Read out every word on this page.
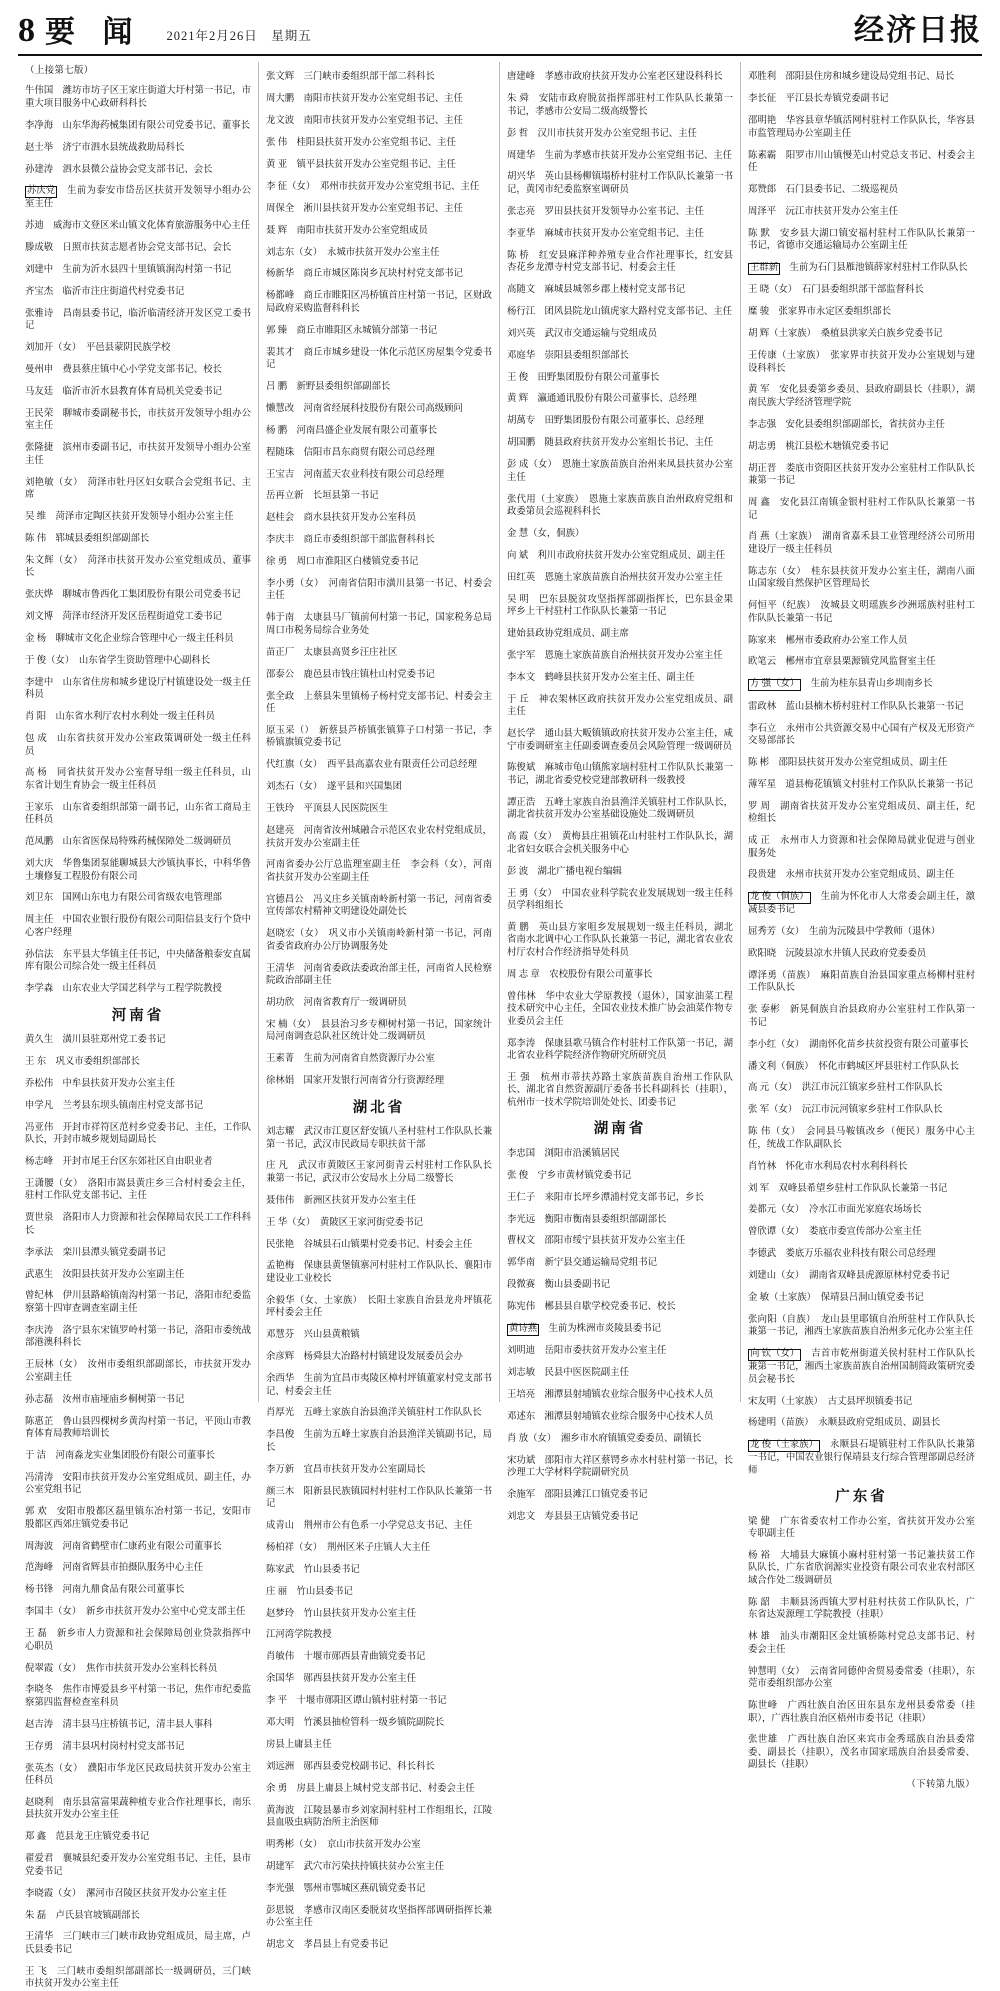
8 要 闻 2021年2月26日　星期五	经济日报
（上接第七版）

牛伟国　潍坊市坊子区王家庄街道大圩村第一书记，市重大项目服务中心政研科科长

李净海　山东华海药械集团有限公司党委书记、董事长

赵士举　济宁市泗水县统战救助局科长

孙建涛　泗水县微公益协会党支部书记、会长

苏庆党　生前为泰安市岱岳区扶贫开发领导小组办公室主任

苏迪　威海市文登区米山镇文化体育旅游服务中心主任

滕成敬　日照市扶贫志愿者协会党支部书记、会长

刘建中　生前为沂水县四十里镇镇涧沟村第一书记

齐宝杰　临沂市注庄街道代村党委书记

张雅诗　昌南县委书记，临沂临清经济开发区党工委书记

刘加开（女）　平邑县蒙阴民族学校

曼州申　费县蔡庄镇中心小学党支部书记、校长

马友廷　临沂市沂水县教育体育局机关党委书记

王民荣　聊城市委副秘书长，市扶贫开发领导小组办公室主任

张隆捷　滨州市委副书记，市扶贫开发领导小组办公室主任

刘艳敏（女）　菏泽市牡丹区妇女联合会党组书记、主席

吴 维　菏泽市定陶区扶贫开发领导小组办公室主任

陈 伟　郓城县委组织部副部长

朱文辉（女）　菏泽市扶贫开发办公室党组成员、董事长

张庆烨　聊城市鲁西化工集团股份有限公司党委书记

刘文博　菏泽市经济开发区岳程街道党工委书记

金 杨　聊城市文化企业综合管理中心一级主任科员

于 俊（女）　山东省学生资助管理中心副科长

李建中　山东省住房和城乡建设厅村镇建设处一级主任科员

肖 阳　山东省水利厅农村水利处一级主任科员

包 成　山东省扶贫开发办公室政策调研处一级主任科员

高 杨　同省扶贫开发办公室督导组一级主任科员，山东省计划生育协会一级主任科员

王家乐　山东省委组织部第一副书记，山东省工商局主任科员

范凤鹏　山东省医保局特殊药械保障处二级调研员

刘大庆　华鲁集团泵能聊城县大沙镇执事长，中科华鲁土壤修复工程股份有限公司

刘卫东　国网山东电力有限公司省级农电管理部

周主任　中国农业银行股份有限公司阳信县支行个贷中心客户经理

孙信法　东平县大华镇主任书记，中央储备粮泰安直属库有限公司综合处一级主任科员

李学森　山东农业大学国艺科学与工程学院教授

河南省

黄久生　潢川县驻郑州党工委书记

王 东　巩义市委组织部部长

乔松伟　中牟县扶贫开发办公室主任

申学凡　兰考县东坝头镇南庄村党支部书记

冯亚伟　开封市祥符区范村乡党委书记、主任，工作队队长，开封市城乡规划局副局长

杨志峰　开封市尾王台区东郊社区自由职业者

王潇腰（女）　洛阳市嵩县黄庄乡三合村村委会主任，驻村工作队党支部书记、主任

贾世泉　洛阳市人力资源和社会保障局农民工工作科科长

李承法　栾川县潭头镇党委副书记

武惠生　汝阳县扶贫开发办公室副主任

曾纪林　伊川县路峪镇南沟村第一书记，洛阳市纪委监察第十四审查调查室副主任

李庆涛　洛宁县东宋镇罗岭村第一书记，洛阳市委统战部港澳科科长

王辰林（女）　汝州市委组织部副部长，市扶贫开发办公室副主任

孙志磊　汝州市庙垭庙乡桐树第一书记

陈惠芷　鲁山县四棵树乡黄沟村第一书记，平顶山市教育体育局教师培训长

于 洁　河南淼龙实业集团股份有限公司董事长

冯清涛　安阳市扶贫开发办公室党组成员、副主任，办公室党组书记

郭 欢　安阳市殷都区磊里镇东冶村第一书记，安阳市殷都区西郊庄镇党委书记

周海波　河南省鹤壁市仁康药业有限公司董事长

范海峰　河南省辉县市拍摄队服务中心主任

杨书锋　河南九鼎食品有限公司董事长

李国丰（女）　新乡市扶贫开发办公室中心党支部主任

王 磊　新乡市人力资源和社会保障局创业贷款指挥中心职员

倪翠霞（女）　焦作市扶贫开发办公室科长科员

李晓冬　焦作市博爱县乡平村第一书记，焦作市纪委监察第四监督检查室科员

赵吉涛　清丰县马庄桥镇书记，清丰县人事科

王存勇　清丰县巩村岗村村党支部书记

张英杰（女）　濮阳市华龙区民政局扶贫开发办公室主任科员

赵晓利　南乐县富富果蔬种植专业合作社理事长，南乐县扶贫开发办公室主任

郑 鑫　范县龙王庄镇党委书记

翟爱君　襄城县纪委开发办公室党组书记、主任，县市党委书记

李晓霞（女）　漯河市召陵区扶贫开发办公室主任

朱 磊　卢氏县官坡镇副部长

王清华　三门峡市三门峡市政协党组成员，局主席，卢氏县委书记

王 飞　三门峡市委组织部副部长一级调研员，三门峡市扶贫开发办公室主任

张文辉　三门峡市委组织部干部二科科长

周大鹏　南阳市扶贫开发办公室党组书记、主任

龙文波　南阳市扶贫开发办公室党组书记、主任

张 伟　桂阳县扶贫开发办公室党组书记、主任

黄 亚　镇平县扶贫开发办公室党组书记、主任

李 征（女）　邓州市扶贫开发办公室党组书记、主任

周保全　淅川县扶贫开发办公室党组书记、主任

聂 辉　南阳市扶贫开发办公室党组成员

刘志东（女）　永城市扶贫开发办公室主任

杨新华　商丘市城区陈岗乡瓦块村村党支部书记

杨都峰　商丘市睢阳区冯桥镇首庄村第一书记，区财政局政府采购监督科科长

郭 臻　商丘市睢阳区永城镇分部第一书记

裴其才　商丘市城乡建设一体化示范区房屋集令党委书记

吕 鹏　新野县委组织部副部长

懒慧改　河南省经展科技股份有限公司高级顾问

杨 鹏　河南昌盛企业发展有限公司董事长

程随珠　信阳市昌东商贸有限公司总经理

王宝吉　河南蓝天农业科技有限公司总经理

岳再立新　长垣县第一书记

赵桂会　商水县扶贫开发办公室科员

李庆丰　商丘市委组织部干部监督科科长

徐 勇　周口市淮阳区白楼镇党委书记

李小勇（女）　河南省信阳市潢川县第一书记、村委会主任

韩于南　太康县马厂镇前何村第一书记，国家税务总局周口市税务局综合业务处

苗正厂　太康县高贤乡汪庄社区

邵泰公　鹿邑县市钱庄镇杜山村党委书记

张全政　上蔡县朱里镇杨子杨村党支部书记、村委会主任

原玉采（）　新蔡县芦桥镇张镇算子口村第一书记，李桥镇旗镇党委书记

代红旗（女）　西平县高嘉农业有限责任公司总经理

刘杰石（女）　遂平县和兴国集团

王铁玲　平顶县人民医院医生

赵建亮　河南省汝州城融合示范区农业农村党组成员，扶贫开发办公室副主任

河南省委办公厅总监理室副主任　李会科（女），河南省扶贫开发办公室副主任

宫德昌公　冯义庄乡关镇南岭新村第一书记，河南省委宣传部农村精神文明建设处副处长

赵晓宏（女）　巩义市小关镇南岭新村第一书记，河南省委省政府办公厅协调服务处

王清华　河南省委政法委政治部主任，河南省人民检察院政治部副主任

胡功欣　河南省教育厅一级调研员

宋 楠（女）　县县治习乡专柳树村第一书记，国家统计局河南调查总队社区统计处二级调研员

王素菁　生前为河南省自然资源厅办公室

徐林娟　国家开发银行河南省分行资源经理

湖北省

刘志耀　武汉市江夏区舒安镇八圣村驻村工作队队长兼第一书记，武汉市民政局专职扶贫干部

庄 凡　武汉市黄陂区王家河街青云村驻村工作队队长兼第一书记，武汉市公安局水上分局二级警长

聂伟伟　新洲区扶贫开发办公室主任

王 华（女）　黄陂区王家河街党委书记

民张艳　谷城县石山镇栗村党委书记、村委会主任

孟艳梅　保康县黄堡镇寨河村驻村工作队队长、襄阳市建设业工业校长

余毅华（女、土家族）　长阳土家族自治县龙舟坪镇花坪村委会主任

邓慧芬　兴山县黄粮镇

余彦辉　杨舜县大冶路村村镇建设发展委员会办

余西华　生前为宜昌市夷陵区樟村坪镇董家村党支部书记、村委会主任

肖厚光　五峰土家族自治县渔洋关镇驻村工作队队长

李昌俊　生前为五峰土家族自治县渔洋关镇副书记，局长

李万新　宜昌市扶贫开发办公室副局长

颜三木　阳新县民族镇园村村驻村工作队队长兼第一书记

成青山　荆州市公有色系一小学党总支书记、主任

杨柏祥（女）　荆州区米子庄镇人大主任

陈家武　竹山县委书记

庄 丽　竹山县委书记

赵梦玲　竹山县扶贫开发办公室主任

江河湾学院教授

肖敏伟　十堰市郧西县青曲镇党委书记

余国华　郧西县扶贫开发办公室主任

李 平　十堰市郧阳区谭山镇村驻村第一书记

邓大明　竹溪县抽检管科一级乡镇院副院长

房县上庸县主任

刘远洲　郧西县委党校副书记、科长科长

余 勇　房县上庸县上城村党支部书记、村委会主任

黄海波　江陵县暴市乡刘家洞村驻村工作组组长，江陵县血吸虫病防治所主治医师

明秀彬（女）　京山市扶贫开发办公室

胡建军　武穴市污染扶持镇扶贫办公室主任

李光强　鄂州市鄂城区燕矶镇党委书记

彭思锐　孝感市汉南区委脱贫攻坚指挥部调研指挥长兼办公室主任

胡忠文　孝昌县上有党委书记

唐建峰　孝感市政府扶贫开发办公室老区建设科科长

朱 舜　安陆市政府脱贫指挥部驻村工作队队长兼第一书记，孝感市公安局二级高级警长

彭 哲　汉川市扶贫开发办公室党组书记、主任

周建华　生前为孝感市扶贫开发办公室党组书记、主任

胡兴华　英山县杨柳镇塌桥村驻村工作队队长兼第一书记，黄冈市纪委监察室调研员

张志亮　罗田县扶贫开发领导办公室书记、主任

李亚华　麻城市扶贫开发办公室党组书记、主任

陈 桥　红安县麻洋种养殖专业合作社理事长，红安县杏花乡龙潭寺村党支部书记、村委会主任

高随文　麻城县城邻乡郡上楼村党支部书记

杨行江　团风县院龙山镇虎家大路村党支部书记、主任

刘兴英　武汉市交通运输与党组成员

邓庭华　崇阳县委组织部部长

王 俊　田野集团股份有限公司董事长

黄 辉　瀛通通讯股份有限公司董事长、总经理

胡萬专　田野集团股份有限公司董事长、总经理

胡国鹏　随县政府扶贫开发办公室组长书记、主任

彭 成（女）　恩施土家族苗族自治州来凤县扶贫办公室主任

张代用（土家族）　恩施土家族苗族自治州政府党组和政委第员会巡视科科长

金 慧（女，侗族）

向 斌　利川市政府扶贫开发办公室党组成员、副主任

田红英　恩施土家族苗族自治州扶贫开发办公室主任

吴 明　巴东县脱贫攻坚指挥部副指挥长，巴东县金果坪乡上干村驻村工作队队长兼第一书记

建始县政协党组成员、副主席

张宇军　恩施土家族苗族自治州扶贫开发办公室主任

李本文　鹤峰县扶贫开发办公室主任、副主任

于 丘　神农架林区政府扶贫开发办公室党组成员、副主任

赵长学　通山县大畈镇镇政府扶贫开发办公室主任，咸宁市委调研室主任副委调查委员会风险管理一级调研员

陈俊斌　麻城市龟山镇熊家垴村驻村工作队队长兼第一书记，湖北省委党校党建部教研科一级教授

譚正浩　五峰土家族自治县渔洋关镇驻村工作队队长，湖北省扶贫开发办公室基础设施处二级调研员

高 霞（女）　黄梅县庄祖镇花山村驻村工作队队长，湖北省妇女联合会机关服务中心

彭 波　湖北广播电视台编辑

王 勇（女）　中国农业科学院农业发展规划一级主任科员学科组组长

黄 鹏　英山县方家咀乡发展规划一级主任科员，湖北省南水北调中心工作队队长兼第一书记，湖北省农业农村厅农村合作经济指导处科员

周 志 章　农校股份有限公司董事长

曾伟林　华中农业大学原教授（退休），国家油菜工程技术研究中心主任，全国农业技术推广协会油菜作物专业委员会主任

郑李涛　保康县歌马镇合作村驻村工作队第一书记，湖北省农业科学院经济作物研究所研究员

王 强　杭州市蒂扶苏路土家族苗族自治州工作队队长、湖北省自然资源副厅委备书长科副科长（挂职），杭州市一技术学院培训处处长、团委书记

湖南省

李忠国　浏阳市沿溪镇居民

张 俊　宁乡市黄材镇党委书记

王仁子　来阳市长坪乡潭浦村党支部书记，乡长

李光远　衡阳市衡南县委组织部副部长

曹权文　邵阳市绥宁县扶贫开发办公室主任

郭华南　新宁县交通运输局党组书记

段微赛　衡山县委副书记

陈宪伟　郴县县自歇学校党委书记、校长

黄诗燕　生前为株洲市炎陵县委书记

刘明迪　岳阳市委扶贫开发办公室主任

刘志敏　民县中医医院副主任

王培亮　湘潭县射埔镇农业综合服务中心技术人员

邓述东　湘潭县射埔镇农业综合服务中心技术人员

肖 放（女）　湘乡市水府镇镇党委委员、副镇长

宋功斌　邵阳市大祥区蔡锷乡赤水村驻村第一书记，长沙理工大学材料学院副研究员

余施军　邵阳县滩江口镇党委书记

刘忠文　寿县县王店镇党委书记

邓胜利　邵阳县住房和城乡建设局党组书记、局长

李长征　平江县长寿镇党委副书记

邵明艳　华容县章华镇活网村驻村工作队队长，华容县市监管理局办公室副主任

陈素霸　阳罗市川山镇慢芜山村党总支书记、村委会主任

郑赞郎　石门县委书记、二级巡视员

周泽平　沅江市扶贫开发办公室主任

陈 默　安乡县大湖口镇安福村驻村工作队队长兼第一书记，省德市交通运输局办公室副主任

王群新　生前为石门县雁池镇薛家村驻村工作队队长

王 晓（女）　石门县委组织部干部监督科长

糜 骏　张家界市永定区委组织部长

胡 辉（土家族）　桑植县洪家关白族乡党委书记

王传康（土家族）　张家界市扶贫开发办公室规划与建设科科长

黄 军　安化县委第乡委员、县政府副县长（挂职），湖南民族大学经济管理学院

李志强　安化县委组织部副部长，省扶贫办主任

胡志勇　桃江县松木塘镇党委书记

胡正晋　娄底市资阳区扶贫开发办公室驻村工作队队长兼第一书记

周 鑫　安化县江南镇金银村驻村工作队队长兼第一书记

肖 燕（土家族）　湖南省嘉禾县工业管理经济公司所用建设厅一级主任科员

陈志东（女）　桂东县扶贫开发办公室主任，湖南八面山国家级自然保护区管理局长

何恒平（纪族）　汝城县文明瑶族乡沙洲瑶族村驻村工作队队长兼第一书记

陈家来　郴州市委政府办公室工作人员

欧笔云　郴州市宜章县栗源镇党风监督室主任

方 强（女）　生前为桂东县青山乡圳南乡长

雷政林　蓝山县楠木桥村驻村工作队队长兼第一书记

李石立　永州市公共资源交易中心国有产权及无形资产交易部部长

陈 彬　邵阳县扶贫开发办公室党组成员、副主任

薄军星　道县梅花镇镇文村驻村工作队队长兼第一书记

罗 周　湖南省扶贫开发办公室党组成员、副主任，纪检组长

成 正　永州市人力资源和社会保障局就业促进与创业服务处

段贵建　永州市扶贫开发办公室党组成员、副主任

龙 俊（侗族）　生前为怀化市人大常委会副主任，激减县委书记

屈秀芳（女）　生前为沅陵县中学教师（退休）

欧阳晓　沅陵县凉水井镇人民政府党委委员

谭泽勇（苗族）　麻阳苗族自治县国家重点杨柳村驻村工作队队长

张 泰彬　新晃侗族自治县政府办公室驻村工作队第一书记

李小红（女）　湖南怀化苗乡扶贫投资有限公司董事长

潘文利（侗族）　怀化市鹤城区坪县驻村工作队队长

高 元（女）　洪江市沅江镇家乡驻村工作队队长

张 军（女）　沅江市沅河镇家乡驻村工作队队长

陈 伟（女）　会同县马鞍镇改乡（便民）服务中心主任，统战工作队副队长

肖竹林　怀化市水利局农村水利科科长

刘 军　双峰县希望乡驻村工作队队长兼第一书记

姜都元（女）　冷水江市面光家庭农场场长

曾欣谭（女）　娄底市委宣传部办公室主任

李德武　娄底万乐福农业科技有限公司总经理

刘建山（女）　湖南省双峰县虎源原林村党委书记

金 敏（土家族）　保靖县吕洞山镇党委书记

张向阳（自族）　龙山县里耶镇自治所驻村工作队队长兼第一书记，湘西土家族苗族自治州多元化办公室主任

向 钦（女）　吉首市乾州街道关侯村驻村工作队队长兼第一书记，湘西土家族苗族自治州国制简政策研究委员会秘书长

宋友明（土家族）　古丈县坪坝镇委书记

杨建明（苗族）　永顺县政府党组成员、副县长

龙 俊（土家族）　永顺县石堤镇驻村工作队队长兼第一书记，中国农业银行保靖县支行综合管理部副总经济师

广东省

梁 健　广东省委农村工作办公室，省扶贫开发办公室专职副主任

杨 裕　大埔县大麻镇小麻村驻村第一书记兼扶贫工作队队长，广东省欣润源实业投资有限公司农业农村部区域合作处二级调研员

陈 韶　丰顺县汤西镇大罗村驻村扶贫工作队队长，广东省达炭源理工学院教授（挂职）

林 雄　汕头市潮阳区金灶镇桥陈村党总支部书记、村委会主任

钟慧明（女）　云南省同德仲舍贸易委常委（挂职），东莞市委组织部办公室

陈世峰　广西壮族自治区田东县东龙州县委常委（挂职），广西壮族自治区梧州市委书记（挂职）

张世雄　广西壮族自治区来宾市金秀瑶族自治县委常委、副县长（挂职），茂名市国家瑶族自治县委常委、副县长（挂职）

（下转第九版）
